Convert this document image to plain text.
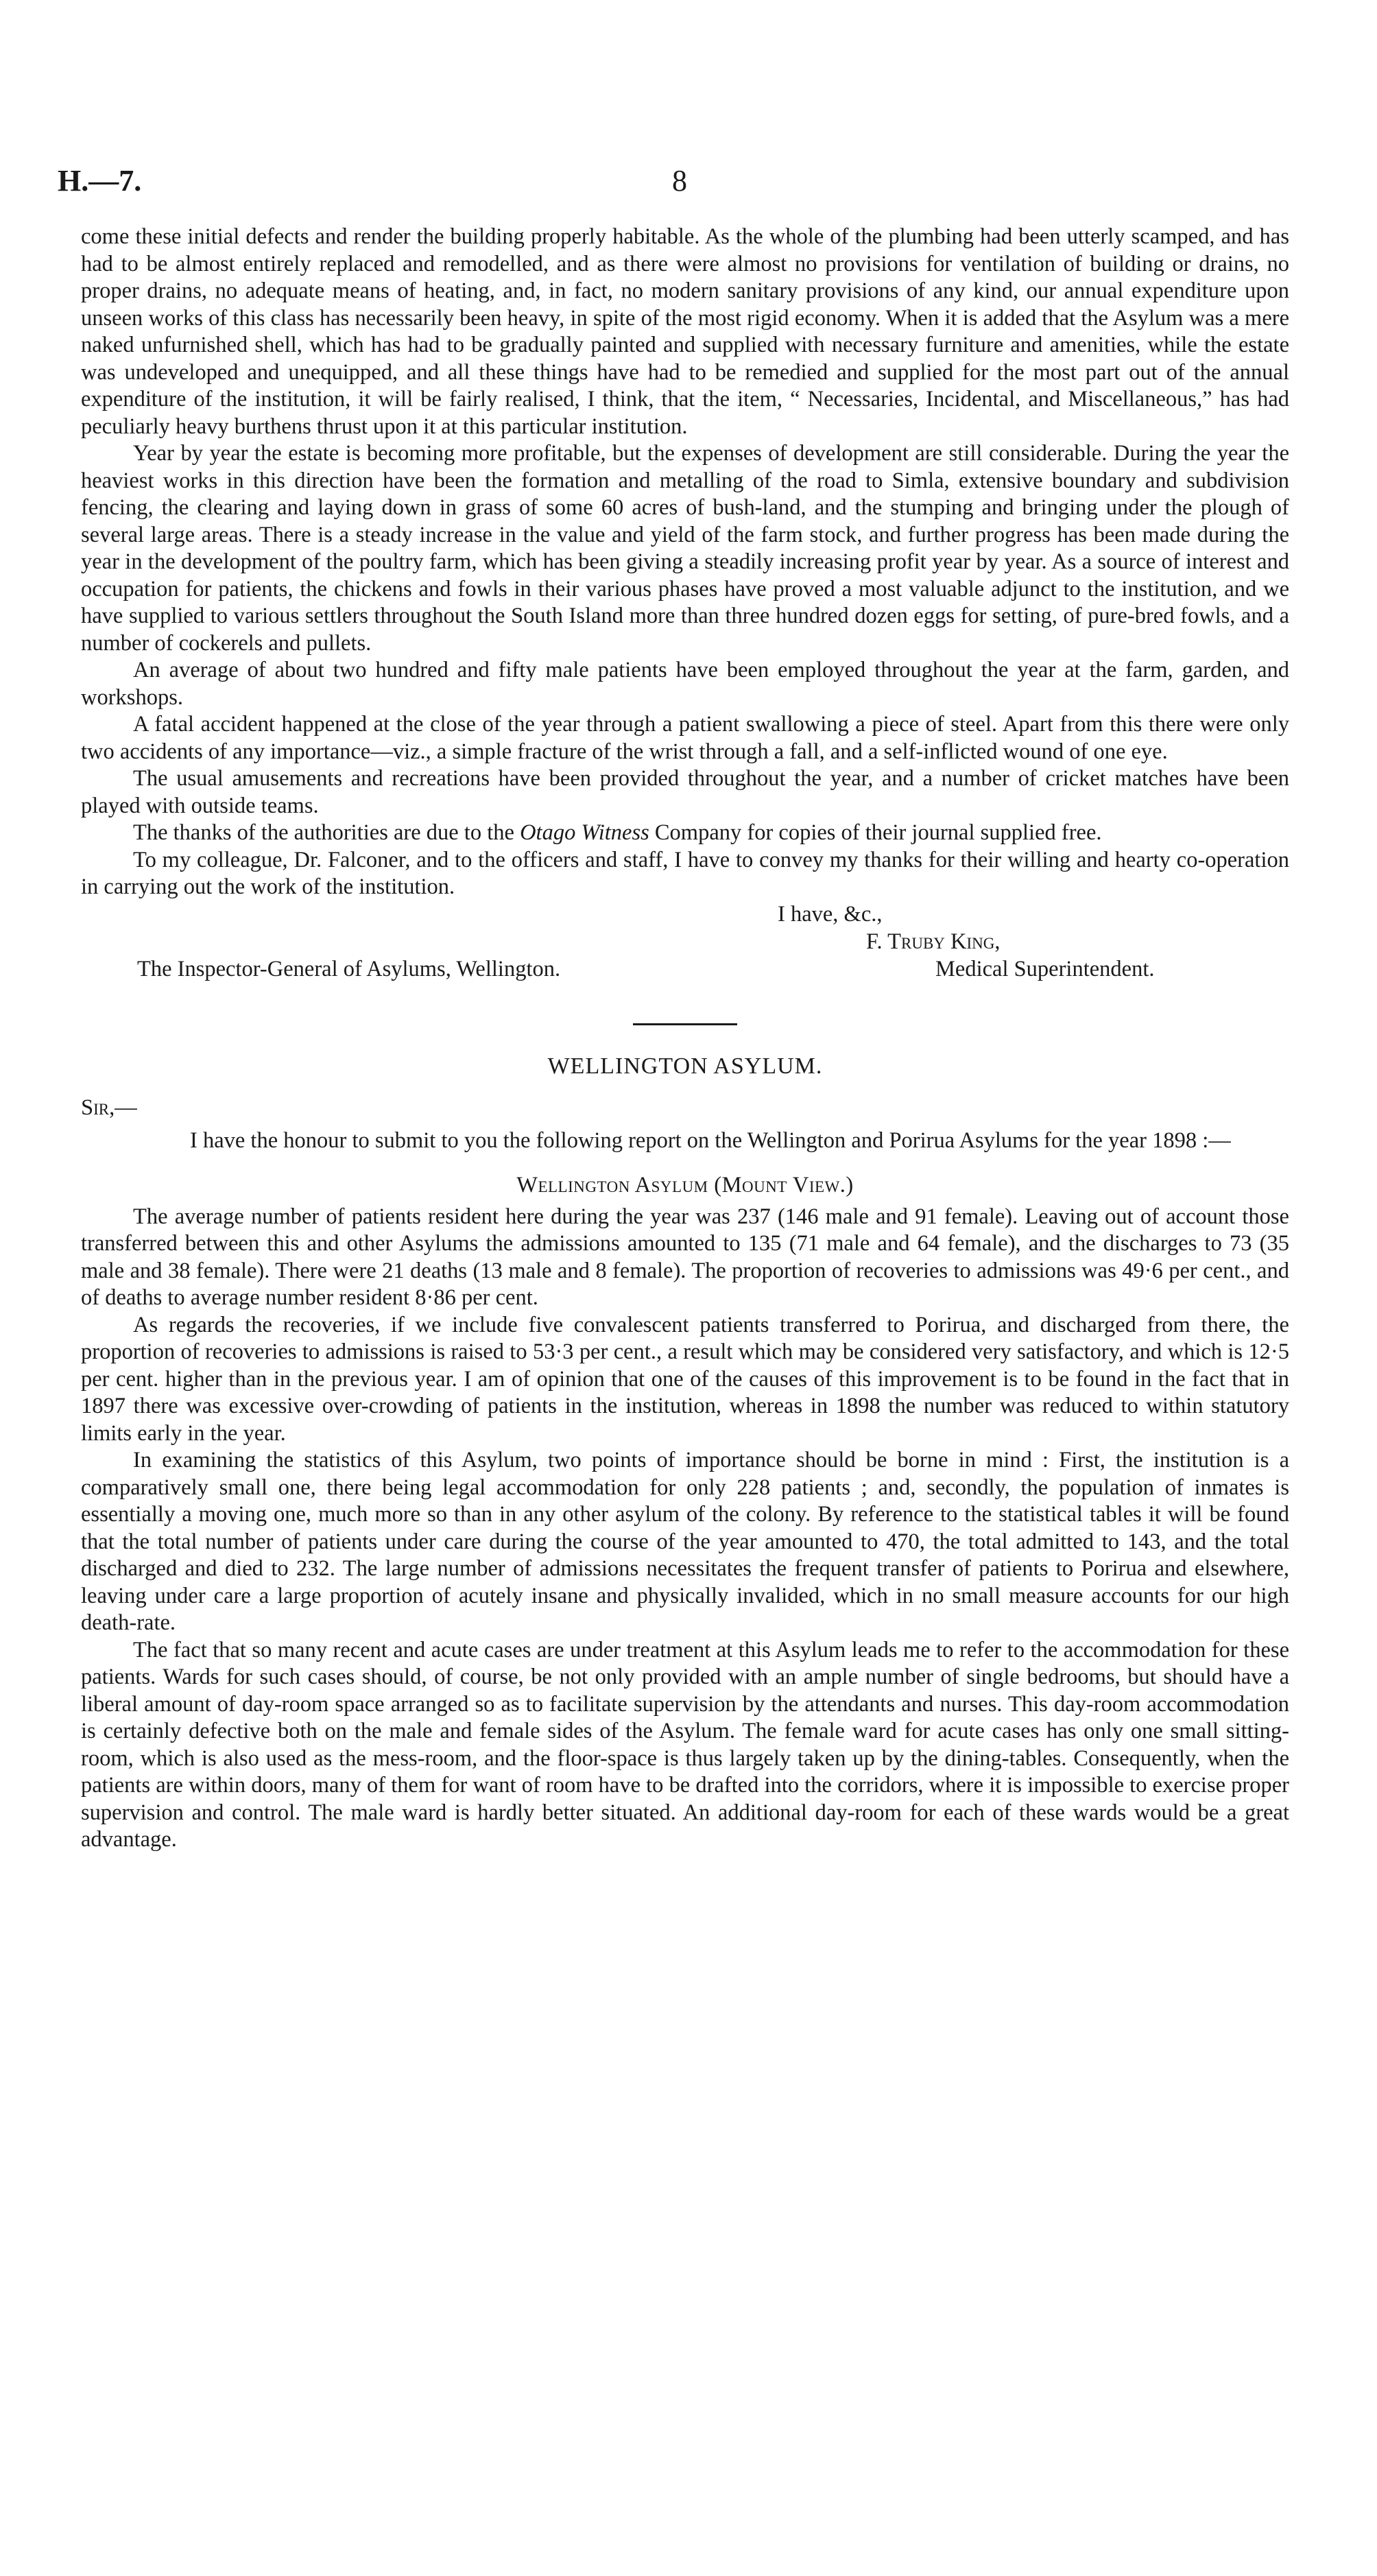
H.—7.	8

come these initial defects and render the building properly habitable. As the whole of the plumbing had been utterly scamped, and has had to be almost entirely replaced and remodelled, and as there were almost no provisions for ventilation of building or drains, no proper drains, no adequate means of heating, and, in fact, no modern sanitary provisions of any kind, our annual expenditure upon unseen works of this class has necessarily been heavy, in spite of the most rigid economy. When it is added that the Asylum was a mere naked unfurnished shell, which has had to be gradually painted and supplied with necessary furniture and amenities, while the estate was undeveloped and unequipped, and all these things have had to be remedied and supplied for the most part out of the annual expenditure of the institution, it will be fairly realised, I think, that the item, “ Necessaries, Incidental, and Miscellaneous,” has had peculiarly heavy burthens thrust upon it at this particular institution.

Year by year the estate is becoming more profitable, but the expenses of development are still considerable. During the year the heaviest works in this direction have been the formation and metalling of the road to Simla, extensive boundary and subdivision fencing, the clearing and laying down in grass of some 60 acres of bush-land, and the stumping and bringing under the plough of several large areas. There is a steady increase in the value and yield of the farm stock, and further progress has been made during the year in the development of the poultry farm, which has been giving a steadily increasing profit year by year. As a source of interest and occupation for patients, the chickens and fowls in their various phases have proved a most valuable adjunct to the institution, and we have supplied to various settlers throughout the South Island more than three hundred dozen eggs for setting, of pure-bred fowls, and a number of cockerels and pullets.

An average of about two hundred and fifty male patients have been employed throughout the year at the farm, garden, and workshops.

A fatal accident happened at the close of the year through a patient swallowing a piece of steel. Apart from this there were only two accidents of any importance—viz., a simple fracture of the wrist through a fall, and a self-inflicted wound of one eye.

The usual amusements and recreations have been provided throughout the year, and a number of cricket matches have been played with outside teams.

The thanks of the authorities are due to the Otago Witness Company for copies of their journal supplied free.

To my colleague, Dr. Falconer, and to the officers and staff, I have to convey my thanks for their willing and hearty co-operation in carrying out the work of the institution.

I have, &c.,
F. Truby King,
The Inspector-General of Asylums, Wellington.	Medical Superintendent.
WELLINGTON ASYLUM.

Sir,—

I have the honour to submit to you the following report on the Wellington and Porirua Asylums for the year 1898 :—

Wellington Asylum (Mount View.)

The average number of patients resident here during the year was 237 (146 male and 91 female). Leaving out of account those transferred between this and other Asylums the admissions amounted to 135 (71 male and 64 female), and the discharges to 73 (35 male and 38 female). There were 21 deaths (13 male and 8 female). The proportion of recoveries to admissions was 49·6 per cent., and of deaths to average number resident 8·86 per cent.

As regards the recoveries, if we include five convalescent patients transferred to Porirua, and discharged from there, the proportion of recoveries to admissions is raised to 53·3 per cent., a result which may be considered very satisfactory, and which is 12·5 per cent. higher than in the previous year. I am of opinion that one of the causes of this improvement is to be found in the fact that in 1897 there was excessive over-crowding of patients in the institution, whereas in 1898 the number was reduced to within statutory limits early in the year.

In examining the statistics of this Asylum, two points of importance should be borne in mind : First, the institution is a comparatively small one, there being legal accommodation for only 228 patients ; and, secondly, the population of inmates is essentially a moving one, much more so than in any other asylum of the colony. By reference to the statistical tables it will be found that the total number of patients under care during the course of the year amounted to 470, the total admitted to 143, and the total discharged and died to 232. The large number of admissions necessitates the frequent transfer of patients to Porirua and elsewhere, leaving under care a large proportion of acutely insane and physically invalided, which in no small measure accounts for our high death-rate.

The fact that so many recent and acute cases are under treatment at this Asylum leads me to refer to the accommodation for these patients. Wards for such cases should, of course, be not only provided with an ample number of single bedrooms, but should have a liberal amount of day-room space arranged so as to facilitate supervision by the attendants and nurses. This day-room accommodation is certainly defective both on the male and female sides of the Asylum. The female ward for acute cases has only one small sitting-room, which is also used as the mess-room, and the floor-space is thus largely taken up by the dining-tables. Consequently, when the patients are within doors, many of them for want of room have to be drafted into the corridors, where it is impossible to exercise proper supervision and control. The male ward is hardly better situated. An additional day-room for each of these wards would be a great advantage.
